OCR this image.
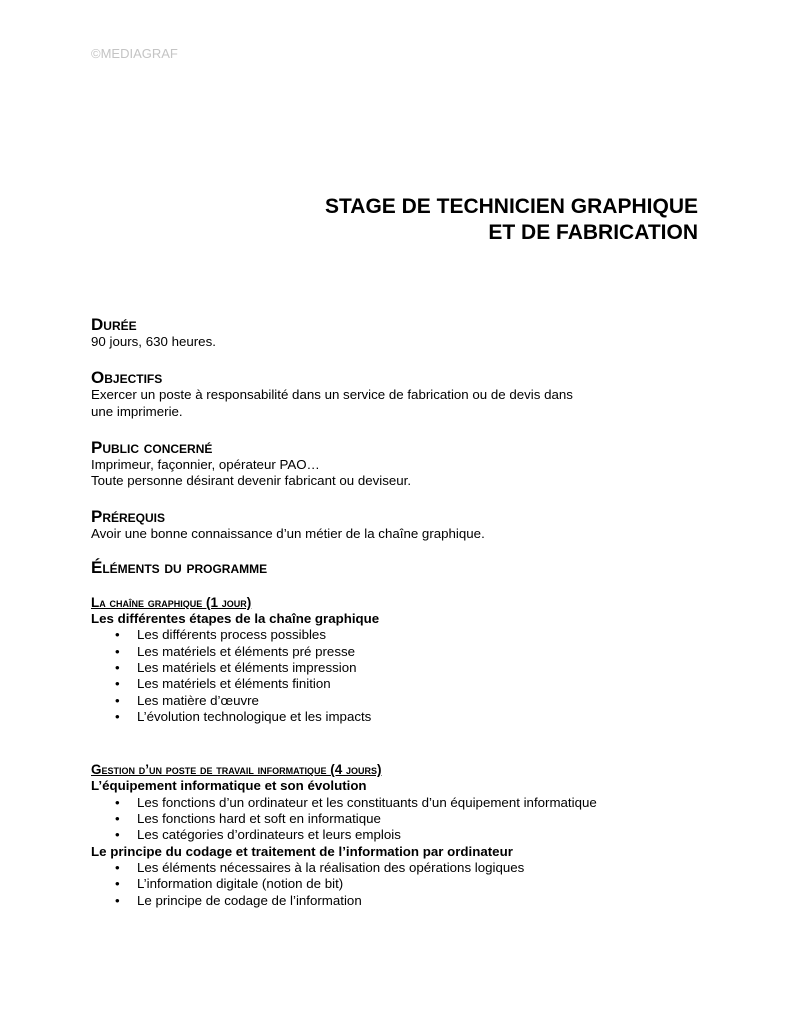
©MEDIAGRAF
STAGE DE TECHNICIEN GRAPHIQUE
ET DE FABRICATION

Durée

90 jours, 630 heures.

Objectifs

Exercer un poste à responsabilité dans un service de fabrication ou de devis dans

une imprimerie.

Public concerné

Imprimeur, façonnier, opérateur PAO…

Toute personne désirant devenir fabricant ou deviseur.

Prérequis

Avoir une bonne connaissance d’un métier de la chaîne graphique.

Éléments du programme

La chaîne graphique (1 jour)

Les différentes étapes de la chaîne graphique

• Les différents process possibles
• Les matériels et éléments pré presse
• Les matériels et éléments impression
• Les matériels et éléments finition
• Les matière d’œuvre
• L’évolution technologique et les impacts

Gestion d’un poste de travail informatique (4 jours)

L’équipement informatique et son évolution

• Les fonctions d’un ordinateur et les constituants d’un équipement informatique
• Les fonctions hard et soft en informatique
• Les catégories d’ordinateurs et leurs emplois

Le principe du codage et traitement de l’information par ordinateur

• Les éléments nécessaires à la réalisation des opérations logiques
• L’information digitale (notion de bit)
• Le principe de codage de l’information
